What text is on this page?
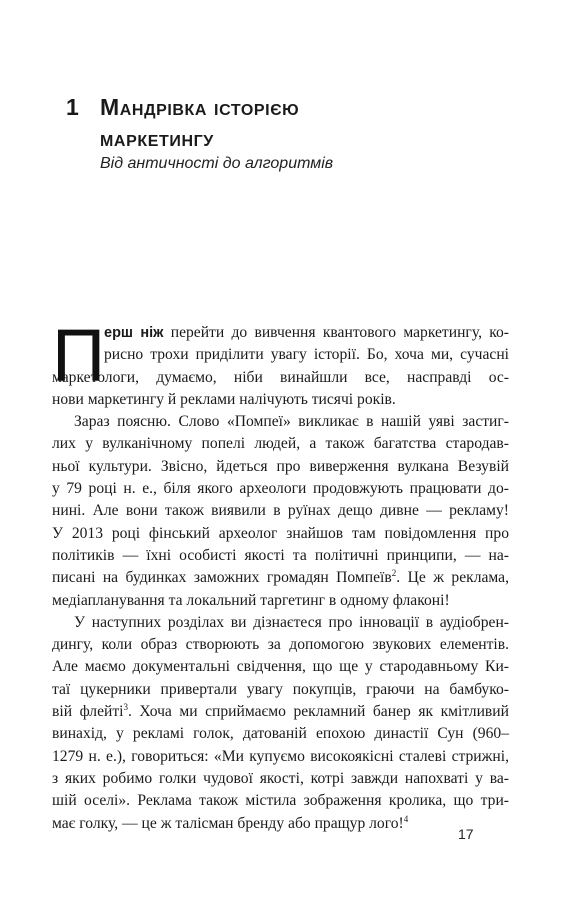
1 Мандрівка історією
маркетингу
Від античності до алгоритмів
П
ерш ніж перейти до вивчення квантового маркетингу, ко-
рисно трохи приділити увагу історії. Бо, хоча ми, сучасні
маркетологи, думаємо, ніби винайшли все, насправді ос-
нови маркетингу й реклами налічують тисячі років.
Зараз поясню. Слово «Помпеї» викликає в нашій уяві застиг-
лих у вулканічному попелі людей, а також багатства стародав-
ньої культури. Звісно, йдеться про виверження вулкана Везувій
у 79 році н. е., біля якого археологи продовжують працювати до-
нині. Але вони також виявили в руїнах дещо дивне — рекламу!
У 2013 році фінський археолог знайшов там повідомлення про
політиків — їхні особисті якості та політичні принципи, — на-
писані на будинках заможних громадян Помпеїв$^2$. Це ж реклама,
медіапланування та локальний таргетинг в одному флаконі!
У наступних розділах ви дізнаєтеся про інновації в аудіобрен-
дингу, коли образ створюють за допомогою звукових елементів.
Але маємо документальні свідчення, що ще у стародавньому Ки-
таї цукерники привертали увагу покупців, граючи на бамбуко-
вій флейті$^3$. Хоча ми сприймаємо рекламний банер як кмітливий
винахід, у рекламі голок, датованій епохою династії Сун (960–
1279 н. е.), говориться: «Ми купуємо високоякісні сталеві стрижні,
з яких робимо голки чудової якості, котрі завжди напохваті у ва-
шій оселі». Реклама також містила зображення кролика, що три-
має голку, — це ж талісман бренду або пращур лого!$^4$
17
